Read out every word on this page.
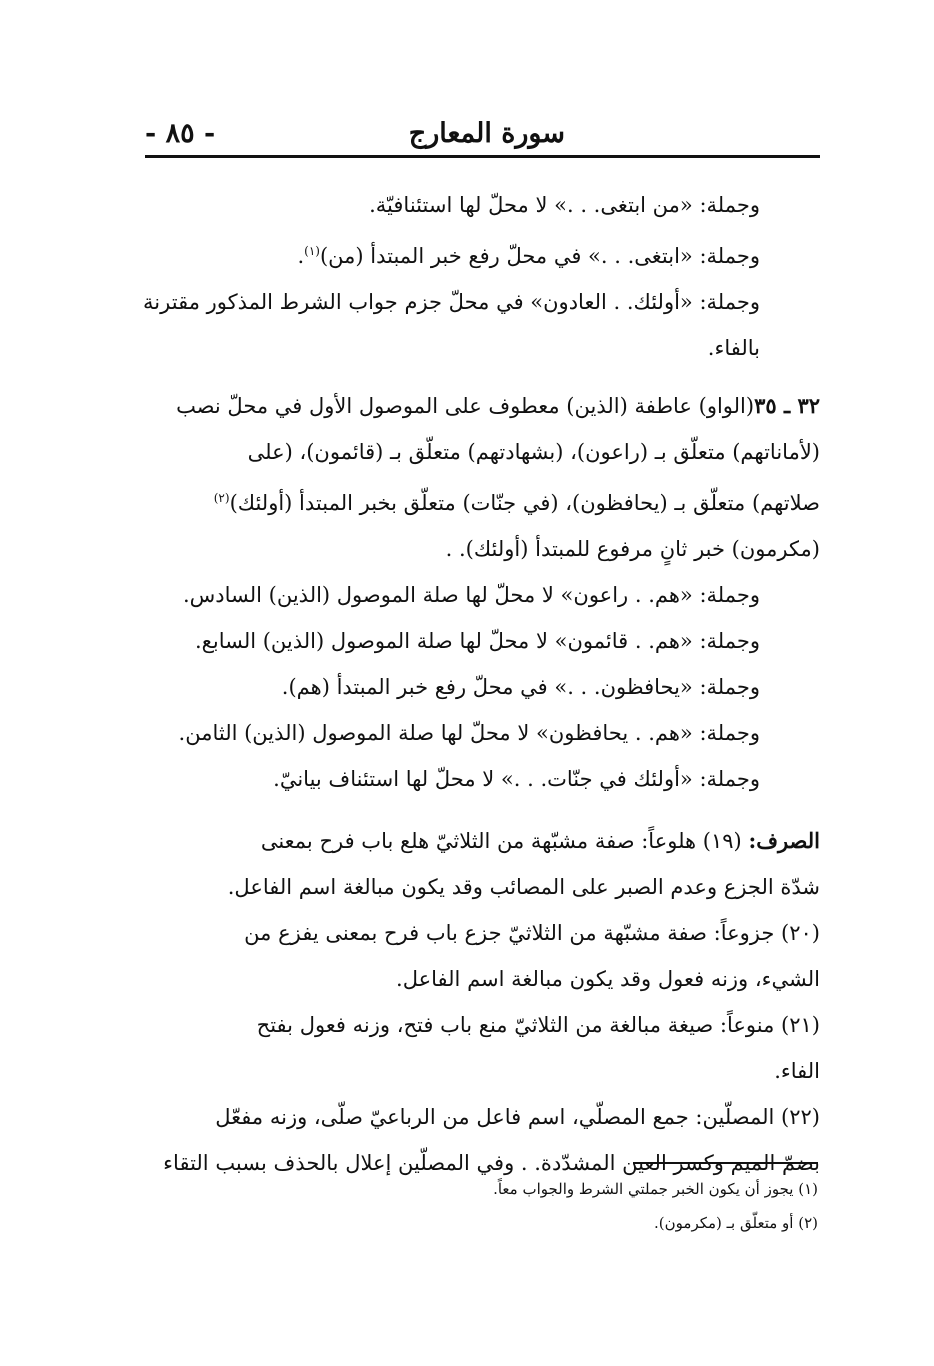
سورة المعارج
- ٨٥ -
وجملة: «من ابتغى. . .» لا محلّ لها استئنافيّة.
وجملة: «ابتغى. . .» في محلّ رفع خبر المبتدأ (من)$^{(١)}$.
وجملة: «أولئك. . العادون» في محلّ جزم جواب الشرط المذكور مقترنة
بالفاء.
٣٢ ـ ٣٥(الواو) عاطفة (الذين) معطوف على الموصول الأول في محلّ نصب
(لأماناتهم) متعلّق بـ (راعون)، (بشهادتهم) متعلّق بـ (قائمون)، (على
صلاتهم) متعلّق بـ (يحافظون)، (في جنّات) متعلّق بخبر المبتدأ (أولئك)$^{(٢)}$
(مكرمون) خبر ثانٍ مرفوع للمبتدأ (أولئك). .
وجملة: «هم. . راعون» لا محلّ لها صلة الموصول (الذين) السادس.
وجملة: «هم. . قائمون» لا محلّ لها صلة الموصول (الذين) السابع.
وجملة: «يحافظون. . .» في محلّ رفع خبر المبتدأ (هم).
وجملة: «هم. . يحافظون» لا محلّ لها صلة الموصول (الذين) الثامن.
وجملة: «أولئك في جنّات. . .» لا محلّ لها استئناف بيانيّ.
الصرف: (١٩) هلوعاً: صفة مشبّهة من الثلاثيّ هلع باب فرح بمعنى
شدّة الجزع وعدم الصبر على المصائب وقد يكون مبالغة اسم الفاعل.
(٢٠) جزوعاً: صفة مشبّهة من الثلاثيّ جزع باب فرح بمعنى يفزع من
الشيء، وزنه فعول وقد يكون مبالغة اسم الفاعل.
(٢١) منوعاً: صيغة مبالغة من الثلاثيّ منع باب فتح، وزنه فعول بفتح
الفاء.
(٢٢) المصلّين: جمع المصلّي، اسم فاعل من الرباعيّ صلّى، وزنه مفعّل
بضمّ الميم وكسر العين المشدّدة. . وفي المصلّين إعلال بالحذف بسبب التقاء
(١) يجوز أن يكون الخبر جملتي الشرط والجواب معاً.
(٢) أو متعلّق بـ (مكرمون).
